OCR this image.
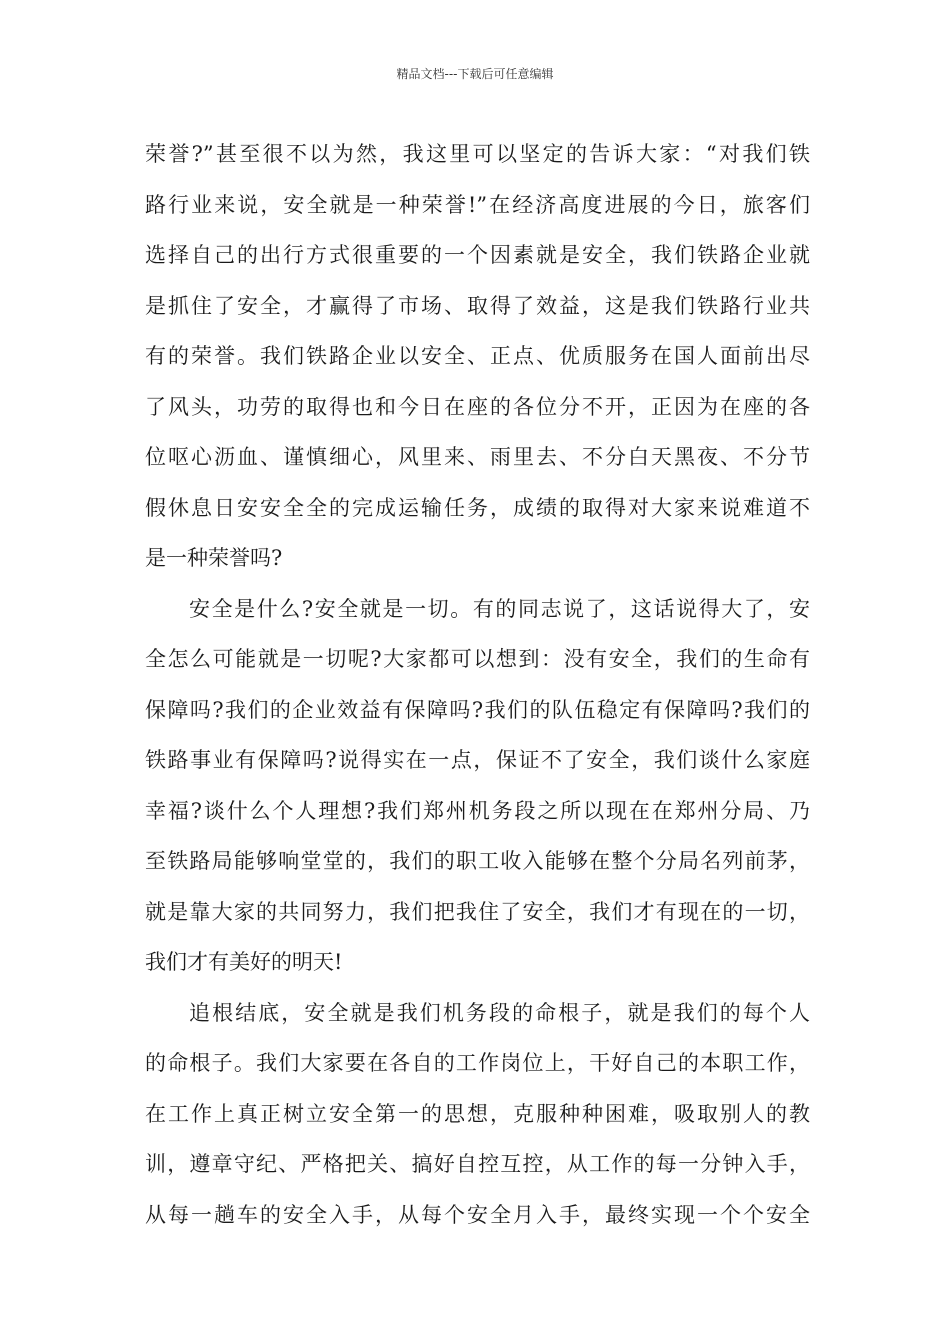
精品文档---下载后可任意编辑
荣誉?”甚至很不以为然，我这里可以坚定的告诉大家：“对我们铁
路行业来说，安全就是一种荣誉!”在经济高度进展的今日，旅客们
选择自己的出行方式很重要的一个因素就是安全，我们铁路企业就
是抓住了安全，才赢得了市场、取得了效益，这是我们铁路行业共
有的荣誉。我们铁路企业以安全、正点、优质服务在国人面前出尽
了风头，功劳的取得也和今日在座的各位分不开，正因为在座的各
位呕心沥血、谨慎细心，风里来、雨里去、不分白天黑夜、不分节
假休息日安安全全的完成运输任务，成绩的取得对大家来说难道不
是一种荣誉吗?
安全是什么?安全就是一切。有的同志说了，这话说得大了，安
全怎么可能就是一切呢?大家都可以想到：没有安全，我们的生命有
保障吗?我们的企业效益有保障吗?我们的队伍稳定有保障吗?我们的
铁路事业有保障吗?说得实在一点，保证不了安全，我们谈什么家庭
幸福?谈什么个人理想?我们郑州机务段之所以现在在郑州分局、乃
至铁路局能够响堂堂的，我们的职工收入能够在整个分局名列前茅，
就是靠大家的共同努力，我们把我住了安全，我们才有现在的一切，
我们才有美好的明天!
追根结底，安全就是我们机务段的命根子，就是我们的每个人
的命根子。我们大家要在各自的工作岗位上，干好自己的本职工作，
在工作上真正树立安全第一的思想，克服种种困难，吸取别人的教
训，遵章守纪、严格把关、搞好自控互控，从工作的每一分钟入手，
从每一趟车的安全入手，从每个安全月入手，最终实现一个个安全
